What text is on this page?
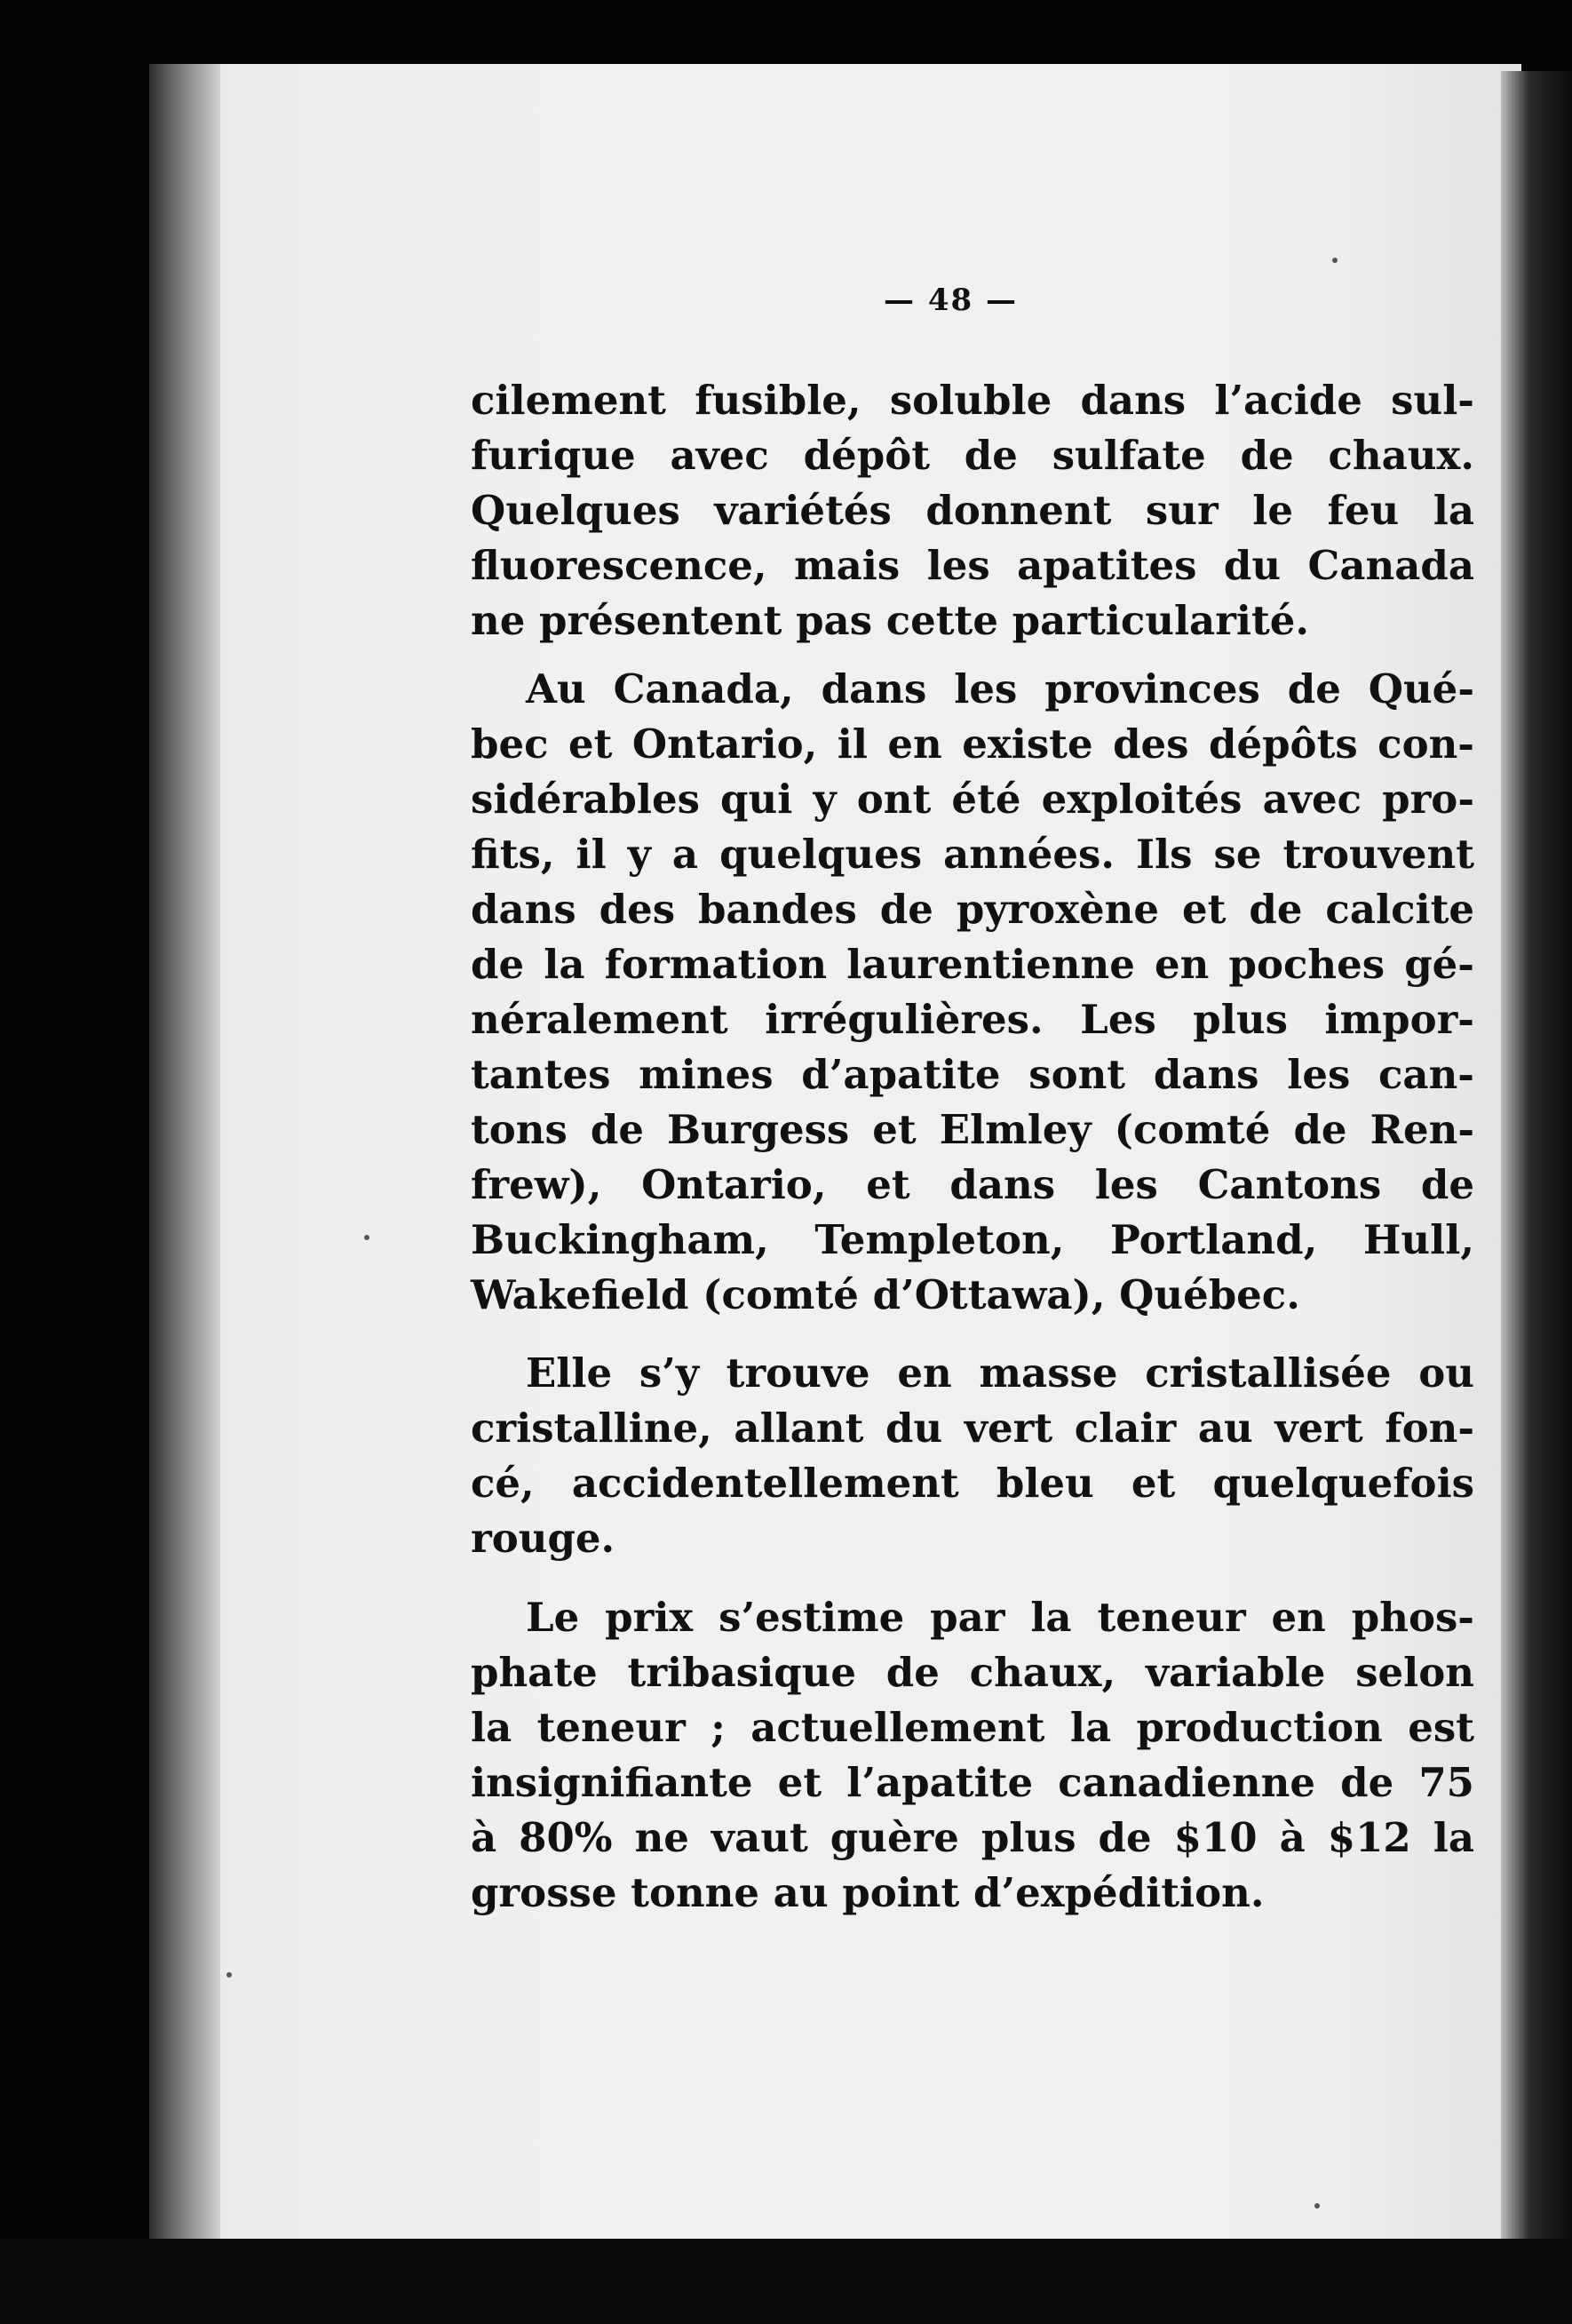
— 48 —
cilement fusible, soluble dans l’acide sul-
furique avec dépôt de sulfate de chaux.
Quelques variétés donnent sur le feu la
fluorescence, mais les apatites du Canada
ne présentent pas cette particularité.
Au Canada, dans les provinces de Qué-
bec et Ontario, il en existe des dépôts con-
sidérables qui y ont été exploités avec pro-
fits, il y a quelques années. Ils se trouvent
dans des bandes de pyroxène et de calcite
de la formation laurentienne en poches gé-
néralement irrégulières. Les plus impor-
tantes mines d’apatite sont dans les can-
tons de Burgess et Elmley (comté de Ren-
frew), Ontario, et dans les Cantons de
Buckingham, Templeton, Portland, Hull,
Wakefield (comté d’Ottawa), Québec.
Elle s’y trouve en masse cristallisée ou
cristalline, allant du vert clair au vert fon-
cé, accidentellement bleu et quelquefois
rouge.
Le prix s’estime par la teneur en phos-
phate tribasique de chaux, variable selon
la teneur ; actuellement la production est
insignifiante et l’apatite canadienne de 75
à 80% ne vaut guère plus de $10 à $12 la
grosse tonne au point d’expédition.
